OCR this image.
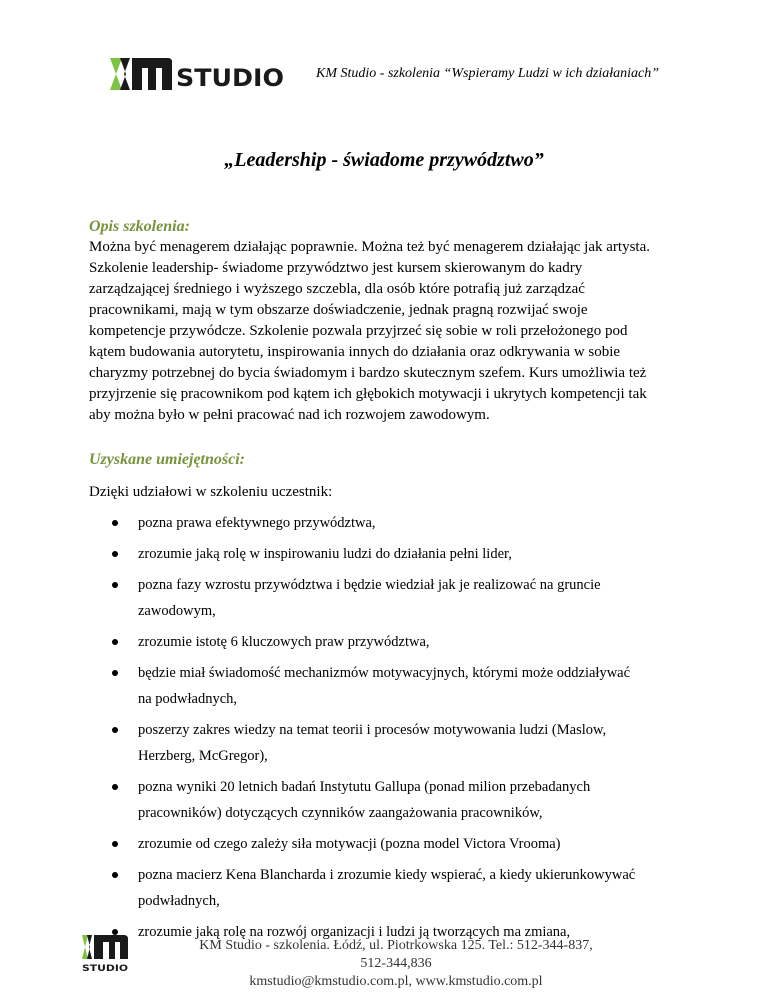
STUDIO KM Studio - szkolenia “Wspieramy Ludzi w ich działaniach”
„Leadership - świadome przywództwo”
Opis szkolenia:
Można być menagerem działając poprawnie. Można też być menagerem działając jak artysta.
Szkolenie leadership- świadome przywództwo jest kursem skierowanym do kadry
zarządzającej średniego i wyższego szczebla, dla osób które potrafią już zarządzać
pracownikami, mają w tym obszarze doświadczenie, jednak pragną rozwijać swoje
kompetencje przywódcze. Szkolenie pozwala przyjrzeć się sobie w roli przełożonego pod
kątem budowania autorytetu, inspirowania innych do działania oraz odkrywania w sobie
charyzmy potrzebnej do bycia świadomym i bardzo skutecznym szefem. Kurs umożliwia też
przyjrzenie się pracownikom pod kątem ich głębokich motywacji i ukrytych kompetencji tak
aby można było w pełni pracować nad ich rozwojem zawodowym.
Uzyskane umiejętności:
Dzięki udziałowi w szkoleniu uczestnik:
pozna prawa efektywnego przywództwa,
zrozumie jaką rolę w inspirowaniu ludzi do działania pełni lider,
pozna fazy wzrostu przywództwa i będzie wiedział jak je realizować na gruncie
zawodowym,
zrozumie istotę 6 kluczowych praw przywództwa,
będzie miał świadomość mechanizmów motywacyjnych, którymi może oddziaływać
na podwładnych,
poszerzy zakres wiedzy na temat teorii i procesów motywowania ludzi (Maslow,
Herzberg, McGregor),
pozna wyniki 20 letnich badań Instytutu Gallupa (ponad milion przebadanych
pracowników) dotyczących czynników zaangażowania pracowników,
zrozumie od czego zależy siła motywacji (pozna model Victora Vrooma)
pozna macierz Kena Blancharda i zrozumie kiedy wspierać, a kiedy ukierunkowywać
podwładnych,
zrozumie jaką rolę na rozwój organizacji i ludzi ją tworzących ma zmiana,
STUDIO
KM Studio - szkolenia. Łódź, ul. Piotrkowska 125. Tel.: 512-344-837, 512-344,836
kmstudio@kmstudio.com.pl, www.kmstudio.com.pl
